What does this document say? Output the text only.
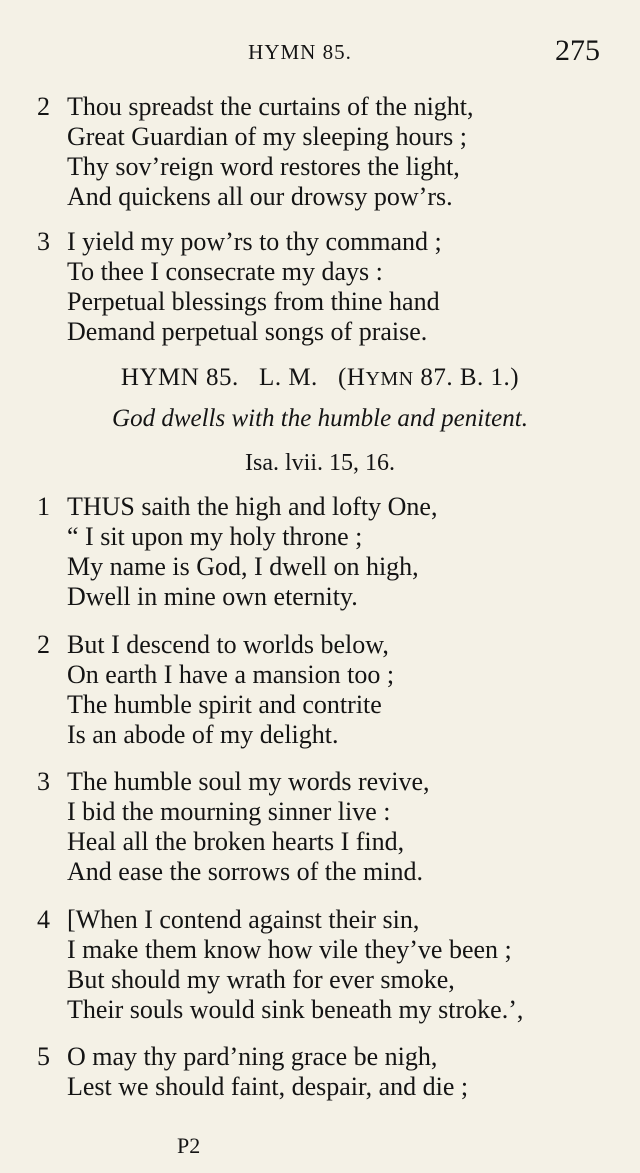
HYMN 85.	275
2 Thou spreadst the curtains of the night,
Great Guardian of my sleeping hours ;
Thy sov’reign word restores the light,
And quickens all our drowsy pow’rs.
3 I yield my pow’rs to thy command ;
To thee I consecrate my days :
Perpetual blessings from thine hand
Demand perpetual songs of praise.
HYMN 85. L. M. (HYMN 87. B. 1.)
God dwells with the humble and penitent.
Isa. lvii. 15, 16.
1 THUS saith the high and lofty One,
“ I sit upon my holy throne ;
My name is God, I dwell on high,
Dwell in mine own eternity.
2 But I descend to worlds below,
On earth I have a mansion too ;
The humble spirit and contrite
Is an abode of my delight.
3 The humble soul my words revive,
I bid the mourning sinner live :
Heal all the broken hearts I find,
And ease the sorrows of the mind.
4 [When I contend against their sin,
I make them know how vile they’ve been ;
But should my wrath for ever smoke,
Their souls would sink beneath my stroke.’,
5 O may thy pard’ning grace be nigh,
Lest we should faint, despair, and die ;
P2
